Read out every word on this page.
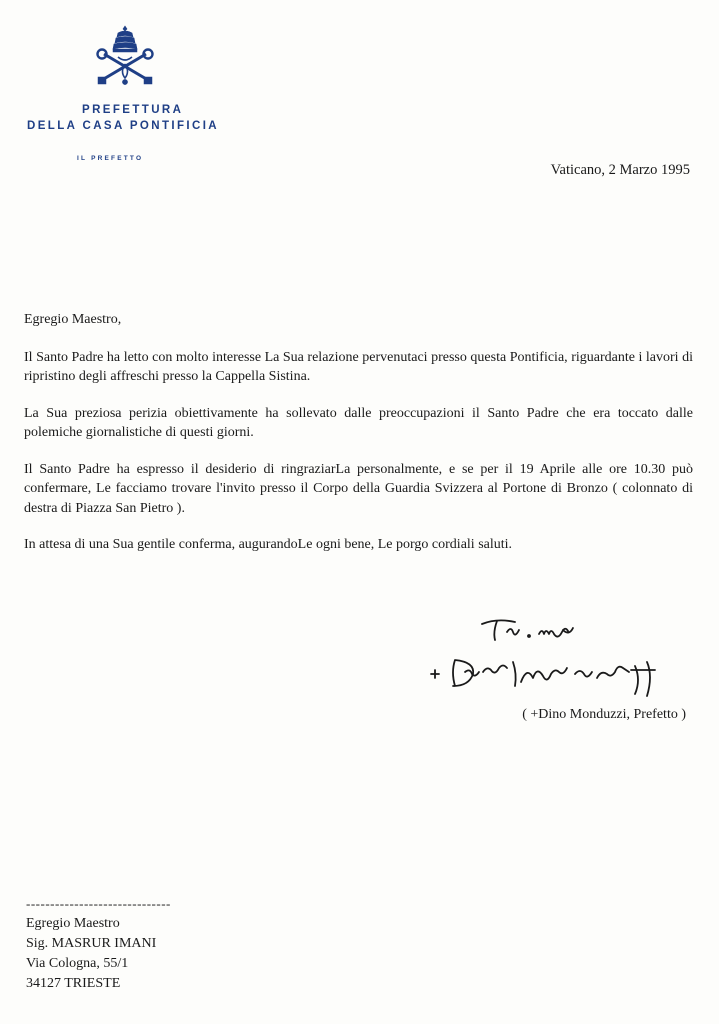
PREFETTURA
DELLA CASA PONTIFICIA
IL PREFETTO
Vaticano, 2 Marzo 1995

Egregio Maestro,

Il Santo Padre ha letto con molto interesse La Sua relazione pervenutaci presso questa Pontificia, riguardante i lavori di ripristino degli affreschi presso la Cappella Sistina.

La Sua preziosa perizia obiettivamente ha sollevato dalle preoccupazioni il Santo Padre che era toccato dalle polemiche giornalistiche di questi giorni.

Il Santo Padre ha espresso il desiderio di ringraziarLa personalmente, e se per il 19 Aprile alle ore 10.30 può confermare, Le facciamo trovare l'invito presso il Corpo della Guardia Svizzera al Portone di Bronzo ( colonnato di destra di Piazza San Pietro ).

In attesa di una Sua gentile conferma, augurandoLe ogni bene, Le porgo cordiali saluti.

( +Dino Monduzzi, Prefetto )
------------------------------
Egregio Maestro
Sig. MASRUR IMANI
Via Cologna, 55/1
34127 TRIESTE
